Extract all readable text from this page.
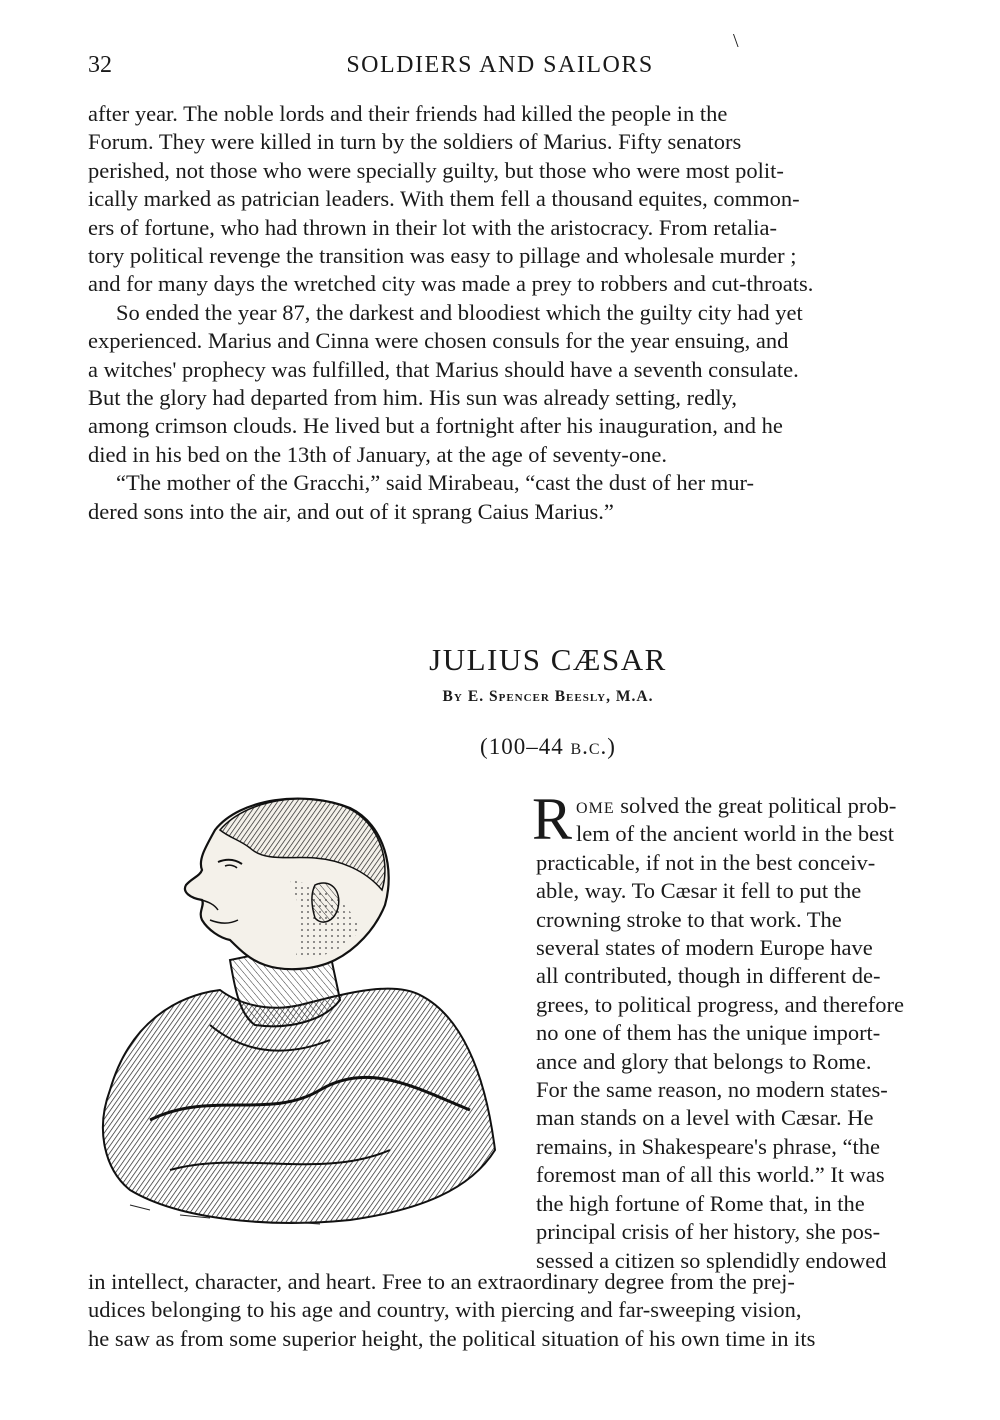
32	SOLDIERS AND SAILORS
\

after year. The noble lords and their friends had killed the people in the
Forum. They were killed in turn by the soldiers of Marius. Fifty senators
perished, not those who were specially guilty, but those who were most polit-
ically marked as patrician leaders. With them fell a thousand equites, common-
ers of fortune, who had thrown in their lot with the aristocracy. From retalia-
tory political revenge the transition was easy to pillage and wholesale murder ;
and for many days the wretched city was made a prey to robbers and cut-throats.

So ended the year 87, the darkest and bloodiest which the guilty city had yet
experienced. Marius and Cinna were chosen consuls for the year ensuing, and
a witches' prophecy was fulfilled, that Marius should have a seventh consulate.
But the glory had departed from him. His sun was already setting, redly,
among crimson clouds. He lived but a fortnight after his inauguration, and he
died in his bed on the 13th of January, at the age of seventy-one.

“The mother of the Gracchi,” said Mirabeau, “cast the dust of her mur-
dered sons into the air, and out of it sprang Caius Marius.”

JULIUS CÆSAR
By E. Spencer Beesly, M.A.
(100–44 b.c.)

Rome solved the great political prob-
lem of the ancient world in the best
practicable, if not in the best conceiv-
able, way. To Cæsar it fell to put the
crowning stroke to that work. The
several states of modern Europe have
all contributed, though in different de-
grees, to political progress, and therefore
no one of them has the unique import-
ance and glory that belongs to Rome.
For the same reason, no modern states-
man stands on a level with Cæsar. He
remains, in Shakespeare's phrase, “the
foremost man of all this world.” It was
the high fortune of Rome that, in the
principal crisis of her history, she pos-
sessed a citizen so splendidly endowed

in intellect, character, and heart. Free to an extraordinary degree from the prej-
udices belonging to his age and country, with piercing and far-sweeping vision,
he saw as from some superior height, the political situation of his own time in its
